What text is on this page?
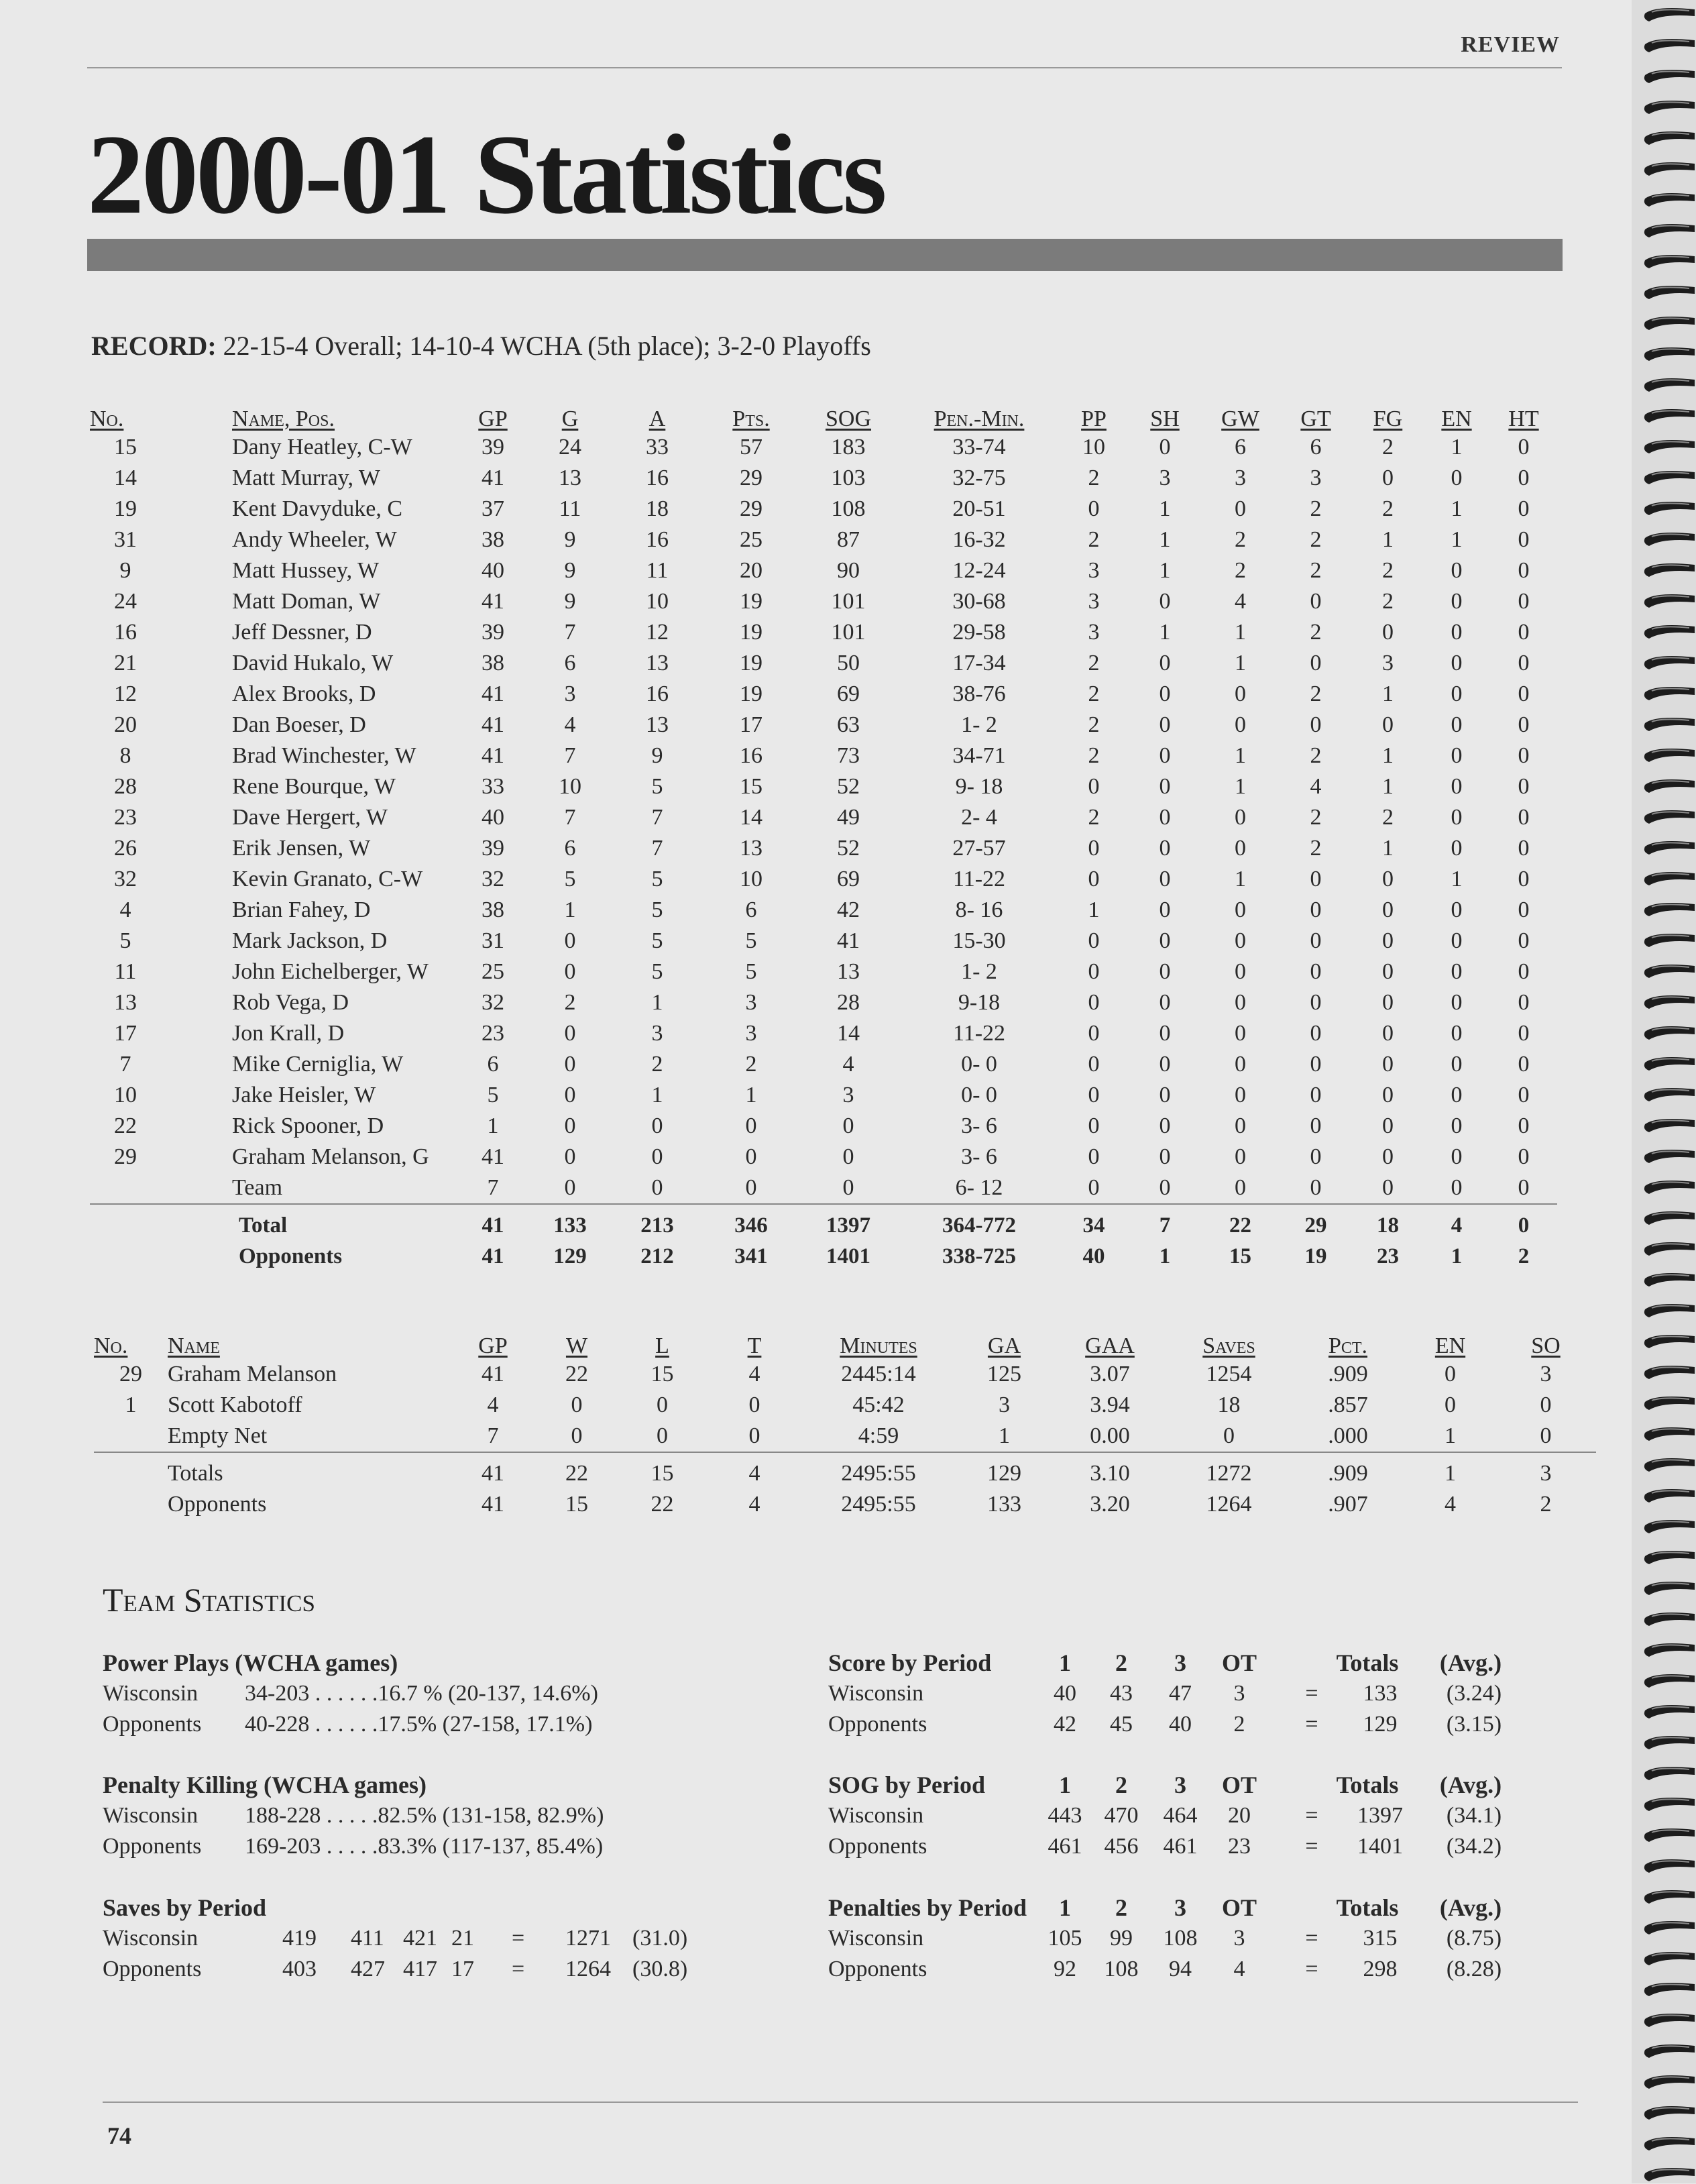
REVIEW
2000-01 Statistics
RECORD: 22-15-4 Overall; 14-10-4 WCHA (5th place); 3-2-0 Playoffs
No.	Name, Pos.	GP	G	A	Pts.	SOG	Pen.-Min.	PP	SH	GW	GT	FG	EN	HT
15	Dany Heatley, C-W	39	24	33	57	183	33-74	10	0	6	6	2	1	0
14	Matt Murray, W	41	13	16	29	103	32-75	2	3	3	3	0	0	0
19	Kent Davyduke, C	37	11	18	29	108	20-51	0	1	0	2	2	1	0
31	Andy Wheeler, W	38	9	16	25	87	16-32	2	1	2	2	1	1	0
9	Matt Hussey, W	40	9	11	20	90	12-24	3	1	2	2	2	0	0
24	Matt Doman, W	41	9	10	19	101	30-68	3	0	4	0	2	0	0
16	Jeff Dessner, D	39	7	12	19	101	29-58	3	1	1	2	0	0	0
21	David Hukalo, W	38	6	13	19	50	17-34	2	0	1	0	3	0	0
12	Alex Brooks, D	41	3	16	19	69	38-76	2	0	0	2	1	0	0
20	Dan Boeser, D	41	4	13	17	63	1- 2	2	0	0	0	0	0	0
8	Brad Winchester, W	41	7	9	16	73	34-71	2	0	1	2	1	0	0
28	Rene Bourque, W	33	10	5	15	52	9- 18	0	0	1	4	1	0	0
23	Dave Hergert, W	40	7	7	14	49	2- 4	2	0	0	2	2	0	0
26	Erik Jensen, W	39	6	7	13	52	27-57	0	0	0	2	1	0	0
32	Kevin Granato, C-W	32	5	5	10	69	11-22	0	0	1	0	0	1	0
4	Brian Fahey, D	38	1	5	6	42	8- 16	1	0	0	0	0	0	0
5	Mark Jackson, D	31	0	5	5	41	15-30	0	0	0	0	0	0	0
11	John Eichelberger, W	25	0	5	5	13	1- 2	0	0	0	0	0	0	0
13	Rob Vega, D	32	2	1	3	28	9-18	0	0	0	0	0	0	0
17	Jon Krall, D	23	0	3	3	14	11-22	0	0	0	0	0	0	0
7	Mike Cerniglia, W	6	0	2	2	4	0- 0	0	0	0	0	0	0	0
10	Jake Heisler, W	5	0	1	1	3	0- 0	0	0	0	0	0	0	0
22	Rick Spooner, D	1	0	0	0	0	3- 6	0	0	0	0	0	0	0
29	Graham Melanson, G	41	0	0	0	0	3- 6	0	0	0	0	0	0	0
	Team	7	0	0	0	0	6- 12	0	0	0	0	0	0	0

	Total	41	133	213	346	1397	364-772	34	7	22	29	18	4	0
	Opponents	41	129	212	341	1401	338-725	40	1	15	19	23	1	2
No.	Name	GP	W	L	T	Minutes	GA	GAA	Saves	Pct.	EN	SO
29	Graham Melanson	41	22	15	4	2445:14	125	3.07	1254	.909	0	3
1	Scott Kabotoff	4	0	0	0	45:42	3	3.94	18	.857	0	0
	Empty Net	7	0	0	0	4:59	1	0.00	0	.000	1	0

	Totals	41	22	15	4	2495:55	129	3.10	1272	.909	1	3
	Opponents	41	15	22	4	2495:55	133	3.20	1264	.907	4	2
Team Statistics
Power Plays (WCHA games)
Wisconsin 34-203 . . . . . .16.7 % (20-137, 14.6%)
Opponents 40-228 . . . . . .17.5% (27-158, 17.1%)
Penalty Killing (WCHA games)
Wisconsin 188-228 . . . . .82.5% (131-158, 82.9%)
Opponents 169-203 . . . . .83.3% (117-137, 85.4%)
Saves by Period
Wisconsin	419 411 421 21 = 1271 (31.0)
Opponents	403 427 417 17 = 1264 (30.8)
Score by Period	1	2	3	OT	Totals	(Avg.)
Wisconsin	40	43	47	3	=	133	(3.24)
Opponents	42	45	40	2	=	129	(3.15)
SOG by Period	1	2	3	OT	Totals	(Avg.)
Wisconsin	443 470 464	20	=	1397	(34.1)
Opponents	461 456 461	23	=	1401	(34.2)
Penalties by Period	1	2	3	OT	Totals	(Avg.)
Wisconsin	105	99	108	3	=	315	(8.75)
Opponents	92	108	94	4	=	298	(8.28)
74
